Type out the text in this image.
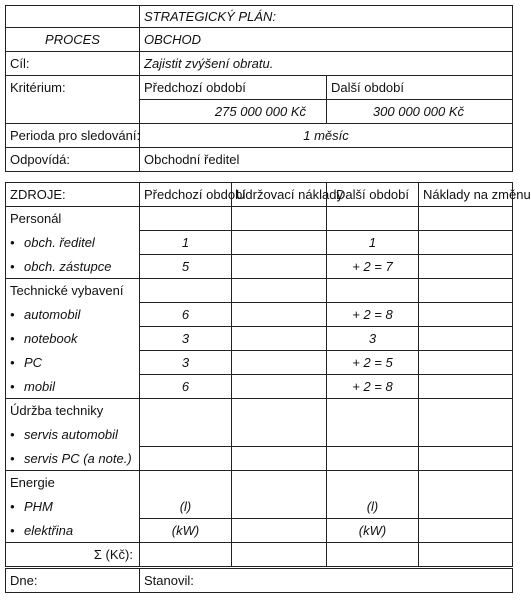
	STRATEGICKÝ PLÁN:	
PROCES	OBCHOD	
Cíl:	Zajistit zvýšení obratu.	
Kritérium:	Předchozí období	Další období
	275 000 000 Kč	300 000 000 Kč
Perioda pro sledování:	1 měsíc	
Odpovídá:	Obchodní ředitel	
ZDROJE:	Předchozí období	Udržovací náklady	Další období	Náklady na změnu
Personál				
• obch. ředitel	1		1	
• obch. zástupce	5		+ 2 = 7	
Technické vybavení				
• automobil	6		+ 2 = 8	
• notebook	3		3	
• PC	3		+ 2 = 5	
• mobil	6		+ 2 = 8	
Údržba techniky				
• servis automobil				
• servis PC (a note.)				
Energie				
• PHM	(l)		(l)	
• elektřina	(kW)		(kW)	
Σ (Kč):				
Dne:	Stanovil:
